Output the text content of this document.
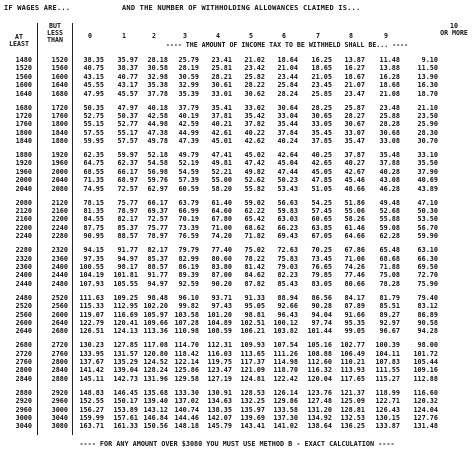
IF WAGES ARE...	AND THE NUMBER OF WITHHOLDING ALLOWANCES CLAIMED IS...
AT
LEAST
BUT
LESS
THAN	0	1	2	3	4	5	6	7	8	9
10
OR MORE
---- THE AMOUNT OF INCOME TAX TO BE WITHHELD SHALL BE... ----
1480	1520	38.35	35.97	28.18	25.79	23.41	21.02	18.64	16.25	13.87	11.48	9.10
1520	1560	40.75	38.37	30.58	28.19	25.81	23.42	21.04	18.65	16.27	13.88	11.50
1560	1600	43.15	40.77	32.98	30.59	28.21	25.82	23.44	21.05	18.67	16.28	13.90
1600	1640	45.55	43.17	35.38	32.99	30.61	28.22	25.84	23.45	21.07	18.68	16.30
1640	1680	47.95	45.57	37.78	35.39	33.01	30.62	28.24	25.85	23.47	21.08	18.70
1680	1720	50.35	47.97	40.18	37.79	35.41	33.02	30.64	28.25	25.87	23.48	21.10
1720	1760	52.75	50.37	42.58	40.19	37.81	35.42	33.04	30.65	28.27	25.88	23.50
1760	1800	55.15	52.77	44.98	42.59	40.21	37.82	35.44	33.05	30.67	28.28	25.90
1800	1840	57.55	55.17	47.38	44.99	42.61	40.22	37.84	35.45	33.07	30.68	28.30
1840	1880	59.95	57.57	49.78	47.39	45.01	42.62	40.24	37.85	35.47	33.08	30.70
1880	1920	62.35	59.97	52.18	49.79	47.41	45.02	42.64	40.25	37.87	35.48	33.10
1920	1960	64.75	62.37	54.58	52.19	49.81	47.42	45.04	42.65	40.27	37.88	35.50
1960	2000	68.55	66.17	56.98	54.59	52.21	49.82	47.44	45.05	42.67	40.28	37.90
2000	2040	71.35	68.97	59.76	57.39	55.00	52.62	50.23	47.85	45.46	43.08	40.69
2040	2080	74.95	72.57	62.97	60.59	58.20	55.82	53.43	51.05	48.66	46.28	43.89
2080	2120	78.15	75.77	66.17	63.79	61.40	59.02	56.63	54.25	51.86	49.48	47.10
2120	2160	81.35	78.97	69.37	66.99	64.60	62.22	59.83	57.45	55.06	52.68	50.30
2160	2200	84.55	82.17	72.57	70.19	67.80	65.42	63.03	60.65	58.26	55.88	53.50
2200	2240	87.75	85.37	75.77	73.39	71.00	68.62	66.23	63.85	61.46	59.08	56.70
2240	2280	90.95	88.57	78.97	76.59	74.20	71.82	69.43	67.05	64.66	62.28	59.90
2280	2320	94.15	91.77	82.17	79.79	77.40	75.02	72.63	70.25	67.86	65.48	63.10
2320	2360	97.35	94.97	85.37	82.99	80.60	78.22	75.83	73.45	71.06	68.68	66.30
2360	2400	100.55	98.17	88.57	86.19	83.80	81.42	79.03	76.65	74.26	71.88	69.50
2400	2440	104.19	101.81	91.77	89.39	87.00	84.62	82.23	79.85	77.46	75.08	72.70
2440	2480	107.93	105.55	94.97	92.59	90.20	87.82	85.43	83.05	80.66	78.28	75.90
2480	2520	111.63	109.25	98.48	96.10	93.71	91.33	88.94	86.56	84.17	81.79	79.40
2520	2560	115.33	112.95 102.20	99.82	97.43	95.05	92.66	90.28	87.89	85.51	83.12
2560	2600	119.07	116.69 105.97 103.58	101.20	98.81	96.43	94.04	91.66	89.27	86.89
2600	2640	122.79	120.41 109.66 107.28	104.89	102.51	100.12	97.74	95.35	92.97	90.58
2640	2680	126.51	124.13 113.36 110.98	108.59	106.21	103.82	101.44	99.05	96.67	94.28
2680	2720	130.23	127.85 117.08 114.70	112.31	109.93	107.54	105.16	102.77	100.39	98.00
2720	2760	133.95	131.57 120.80 118.42	116.03	113.65	111.26	108.88	106.49	104.11	101.72
2760	2800	137.67	135.29 124.52 122.14	119.75	117.37	114.98	112.60	110.21	107.83	105.44
2800	2840	141.42	139.04 128.24 125.86	123.47	121.09	118.70	116.32	113.93	111.55	109.16
2840	2880	145.11	142.73 131.96 129.58	127.19	124.81	122.42	120.04	117.65	115.27	112.88
2880	2920	148.83	146.45 135.68 133.30	130.91	128.53	126.14	123.76	121.37	118.99	116.60
2920	2960	152.55	150.17 139.40 137.02	134.63	132.25	129.86	127.48	125.09	122.71	120.32
2960	3000	156.27	153.89 143.12 140.74	138.35	135.97	133.58	131.20	128.81	126.43	124.04
3000	3040	159.99	157.61 146.84 144.46	142.07	139.69	137.30	134.92	132.53	130.15	127.76
3040	3080	163.71	161.33 150.56 148.18	145.79	143.41	141.02	138.64	136.25	133.87	131.48
---- FOR ANY AMOUNT OVER $3080 YOU MUST USE METHOD B - EXACT CALCULATION ----
